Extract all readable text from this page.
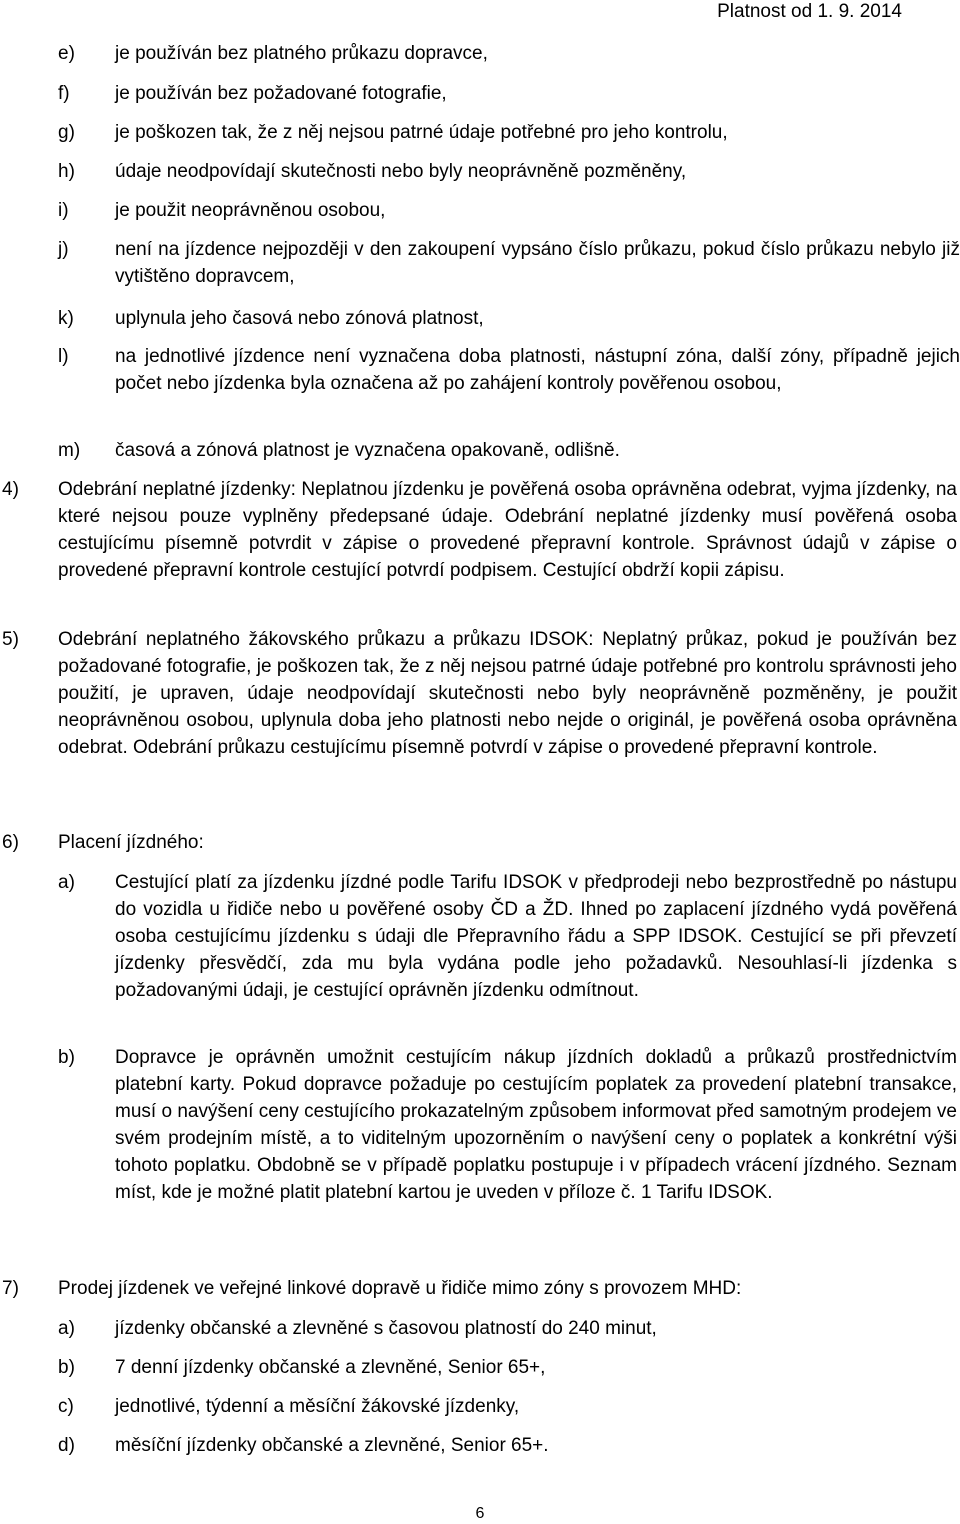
Platnost od 1. 9. 2014
e) je používán bez platného průkazu dopravce,
f) je používán bez požadované fotografie,
g) je poškozen tak, že z něj nejsou patrné údaje potřebné pro jeho kontrolu,
h) údaje neodpovídají skutečnosti nebo byly neoprávněně pozměněny,
i) je použit neoprávněnou osobou,
j) není na jízdence nejpozději v den zakoupení vypsáno číslo průkazu, pokud číslo průkazu nebylo již vytištěno dopravcem,
k) uplynula jeho časová nebo zónová platnost,
l) na jednotlivé jízdence není vyznačena doba platnosti, nástupní zóna, další zóny, případně jejich počet nebo jízdenka byla označena až po zahájení kontroly pověřenou osobou,
m) časová a zónová platnost je vyznačena opakovaně, odlišně.
4) Odebrání neplatné jízdenky: Neplatnou jízdenku je pověřená osoba oprávněna odebrat, vyjma jízdenky, na které nejsou pouze vyplněny předepsané údaje. Odebrání neplatné jízdenky musí pověřená osoba cestujícímu písemně potvrdit v zápise o provedené přepravní kontrole. Správnost údajů v zápise o provedené přepravní kontrole cestující potvrdí podpisem. Cestující obdrží kopii zápisu.
5) Odebrání neplatného žákovského průkazu a průkazu IDSOK: Neplatný průkaz, pokud je používán bez požadované fotografie, je poškozen tak, že z něj nejsou patrné údaje potřebné pro kontrolu správnosti jeho použití, je upraven, údaje neodpovídají skutečnosti nebo byly neoprávněně pozměněny, je použit neoprávněnou osobou, uplynula doba jeho platnosti nebo nejde o originál, je pověřená osoba oprávněna odebrat. Odebrání průkazu cestujícímu písemně potvrdí v zápise o provedené přepravní kontrole.
6) Placení jízdného:
a) Cestující platí za jízdenku jízdné podle Tarifu IDSOK v předprodeji nebo bezprostředně po nástupu do vozidla u řidiče nebo u pověřené osoby ČD a ŽD. Ihned po zaplacení jízdného vydá pověřená osoba cestujícímu jízdenku s údaji dle Přepravního řádu a SPP IDSOK. Cestující se při převzetí jízdenky přesvědčí, zda mu byla vydána podle jeho požadavků. Nesouhlasí-li jízdenka s požadovanými údaji, je cestující oprávněn jízdenku odmítnout.
b) Dopravce je oprávněn umožnit cestujícím nákup jízdních dokladů a průkazů prostřednictvím platební karty. Pokud dopravce požaduje po cestujícím poplatek za provedení platební transakce, musí o navýšení ceny cestujícího prokazatelným způsobem informovat před samotným prodejem ve svém prodejním místě, a to viditelným upozorněním o navýšení ceny o poplatek a konkrétní výši tohoto poplatku. Obdobně se v případě poplatku postupuje i v případech vrácení jízdného. Seznam míst, kde je možné platit platební kartou je uveden v příloze č. 1 Tarifu IDSOK.
7) Prodej jízdenek ve veřejné linkové dopravě u řidiče mimo zóny s provozem MHD:
a) jízdenky občanské a zlevněné s časovou platností do 240 minut,
b) 7 denní jízdenky občanské a zlevněné, Senior 65+,
c) jednotlivé, týdenní a měsíční žákovské jízdenky,
d) měsíční jízdenky občanské a zlevněné, Senior 65+.
6
